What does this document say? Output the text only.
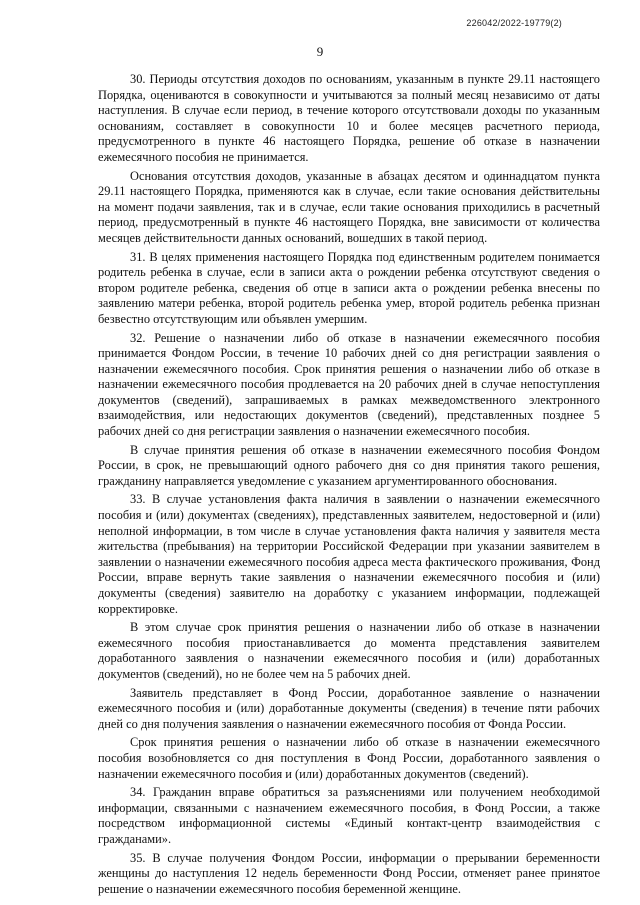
226042/2022-19779(2)
9

30. Периоды отсутствия доходов по основаниям, указанным в пункте 29.11 настоящего Порядка, оцениваются в совокупности и учитываются за полный месяц независимо от даты наступления. В случае если период, в течение которого отсутствовали доходы по указанным основаниям, составляет в совокупности 10 и более месяцев расчетного периода, предусмотренного в пункте 46 настоящего Порядка, решение об отказе в назначении ежемесячного пособия не принимается.

Основания отсутствия доходов, указанные в абзацах десятом и одиннадцатом пункта 29.11 настоящего Порядка, применяются как в случае, если такие основания действительны на момент подачи заявления, так и в случае, если такие основания приходились в расчетный период, предусмотренный в пункте 46 настоящего Порядка, вне зависимости от количества месяцев действительности данных оснований, вошедших в такой период.

31. В целях применения настоящего Порядка под единственным родителем понимается родитель ребенка в случае, если в записи акта о рождении ребенка отсутствуют сведения о втором родителе ребенка, сведения об отце в записи акта о рождении ребенка внесены по заявлению матери ребенка, второй родитель ребенка умер, второй родитель ребенка признан безвестно отсутствующим или объявлен умершим.

32. Решение о назначении либо об отказе в назначении ежемесячного пособия принимается Фондом России, в течение 10 рабочих дней со дня регистрации заявления о назначении ежемесячного пособия. Срок принятия решения о назначении либо об отказе в назначении ежемесячного пособия продлевается на 20 рабочих дней в случае непоступления документов (сведений), запрашиваемых в рамках межведомственного электронного взаимодействия, или недостающих документов (сведений), представленных позднее 5 рабочих дней со дня регистрации заявления о назначении ежемесячного пособия.

В случае принятия решения об отказе в назначении ежемесячного пособия Фондом России, в срок, не превышающий одного рабочего дня со дня принятия такого решения, гражданину направляется уведомление с указанием аргументированного обоснования.

33. В случае установления факта наличия в заявлении о назначении ежемесячного пособия и (или) документах (сведениях), представленных заявителем, недостоверной и (или) неполной информации, в том числе в случае установления факта наличия у заявителя места жительства (пребывания) на территории Российской Федерации при указании заявителем в заявлении о назначении ежемесячного пособия адреса места фактического проживания, Фонд России, вправе вернуть такие заявления о назначении ежемесячного пособия и (или) документы (сведения) заявителю на доработку с указанием информации, подлежащей корректировке.

В этом случае срок принятия решения о назначении либо об отказе в назначении ежемесячного пособия приостанавливается до момента представления заявителем доработанного заявления о назначении ежемесячного пособия и (или) доработанных документов (сведений), но не более чем на 5 рабочих дней.

Заявитель представляет в Фонд России, доработанное заявление о назначении ежемесячного пособия и (или) доработанные документы (сведения) в течение пяти рабочих дней со дня получения заявления о назначении ежемесячного пособия от Фонда России.

Срок принятия решения о назначении либо об отказе в назначении ежемесячного пособия возобновляется со дня поступления в Фонд России, доработанного заявления о назначении ежемесячного пособия и (или) доработанных документов (сведений).

34. Гражданин вправе обратиться за разъяснениями или получением необходимой информации, связанными с назначением ежемесячного пособия, в Фонд России, а также посредством информационной системы «Единый контакт-центр взаимодействия с гражданами».

35. В случае получения Фондом России, информации о прерывании беременности женщины до наступления 12 недель беременности Фонд России, отменяет ранее принятое решение о назначении ежемесячного пособия беременной женщине.
